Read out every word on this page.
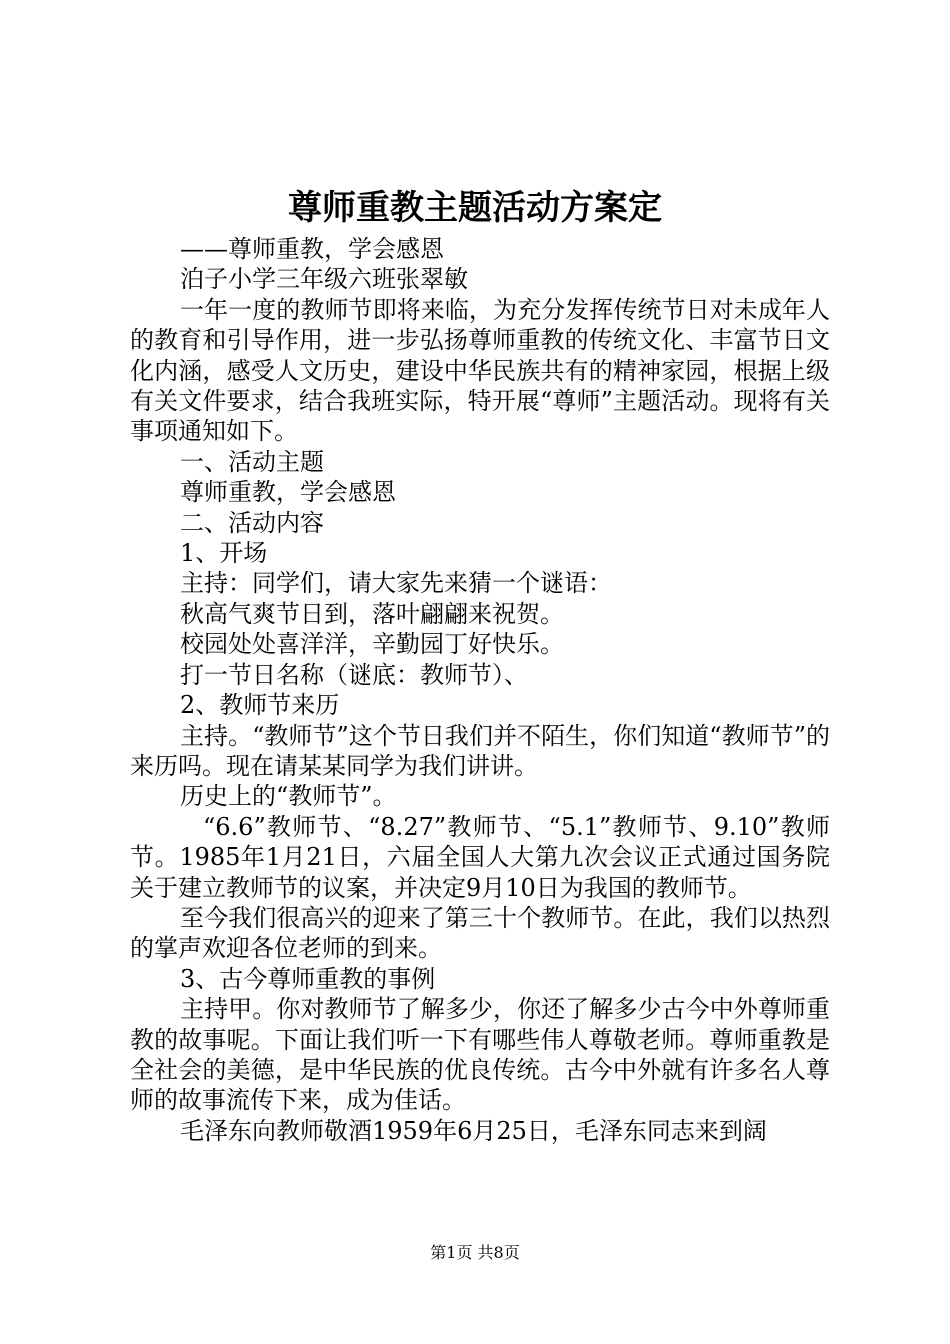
尊师重教主题活动方案定

——尊师重教，学会感恩

泊子小学三年级六班张翠敏

一年一度的教师节即将来临，为充分发挥传统节日对未成年人的教育和引导作用，进一步弘扬尊师重教的传统文化、丰富节日文化内涵，感受人文历史，建设中华民族共有的精神家园，根据上级有关文件要求，结合我班实际，特开展“尊师”主题活动。现将有关事项通知如下。

一、活动主题

尊师重教，学会感恩

二、活动内容

1、开场

主持：同学们，请大家先来猜一个谜语：

秋高气爽节日到，落叶翩翩来祝贺。

校园处处喜洋洋，辛勤园丁好快乐。

打一节日名称（谜底：教师节）、

2、教师节来历

主持。“教师节”这个节日我们并不陌生，你们知道“教师节”的来历吗。现在请某某同学为我们讲讲。

历史上的“教师节”。

“6.6”教师节、“8.27”教师节、“5.1”教师节、9.10”教师节。1985年1月21日，六届全国人大第九次会议正式通过国务院关于建立教师节的议案，并决定9月10日为我国的教师节。

至今我们很高兴的迎来了第三十个教师节。在此，我们以热烈的掌声欢迎各位老师的到来。

3、古今尊师重教的事例

主持甲。你对教师节了解多少，你还了解多少古今中外尊师重教的故事呢。下面让我们听一下有哪些伟人尊敬老师。尊师重教是全社会的美德，是中华民族的优良传统。古今中外就有许多名人尊师的故事流传下来，成为佳话。

毛泽东向教师敬酒1959年6月25日，毛泽东同志来到阔

第1页 共8页
